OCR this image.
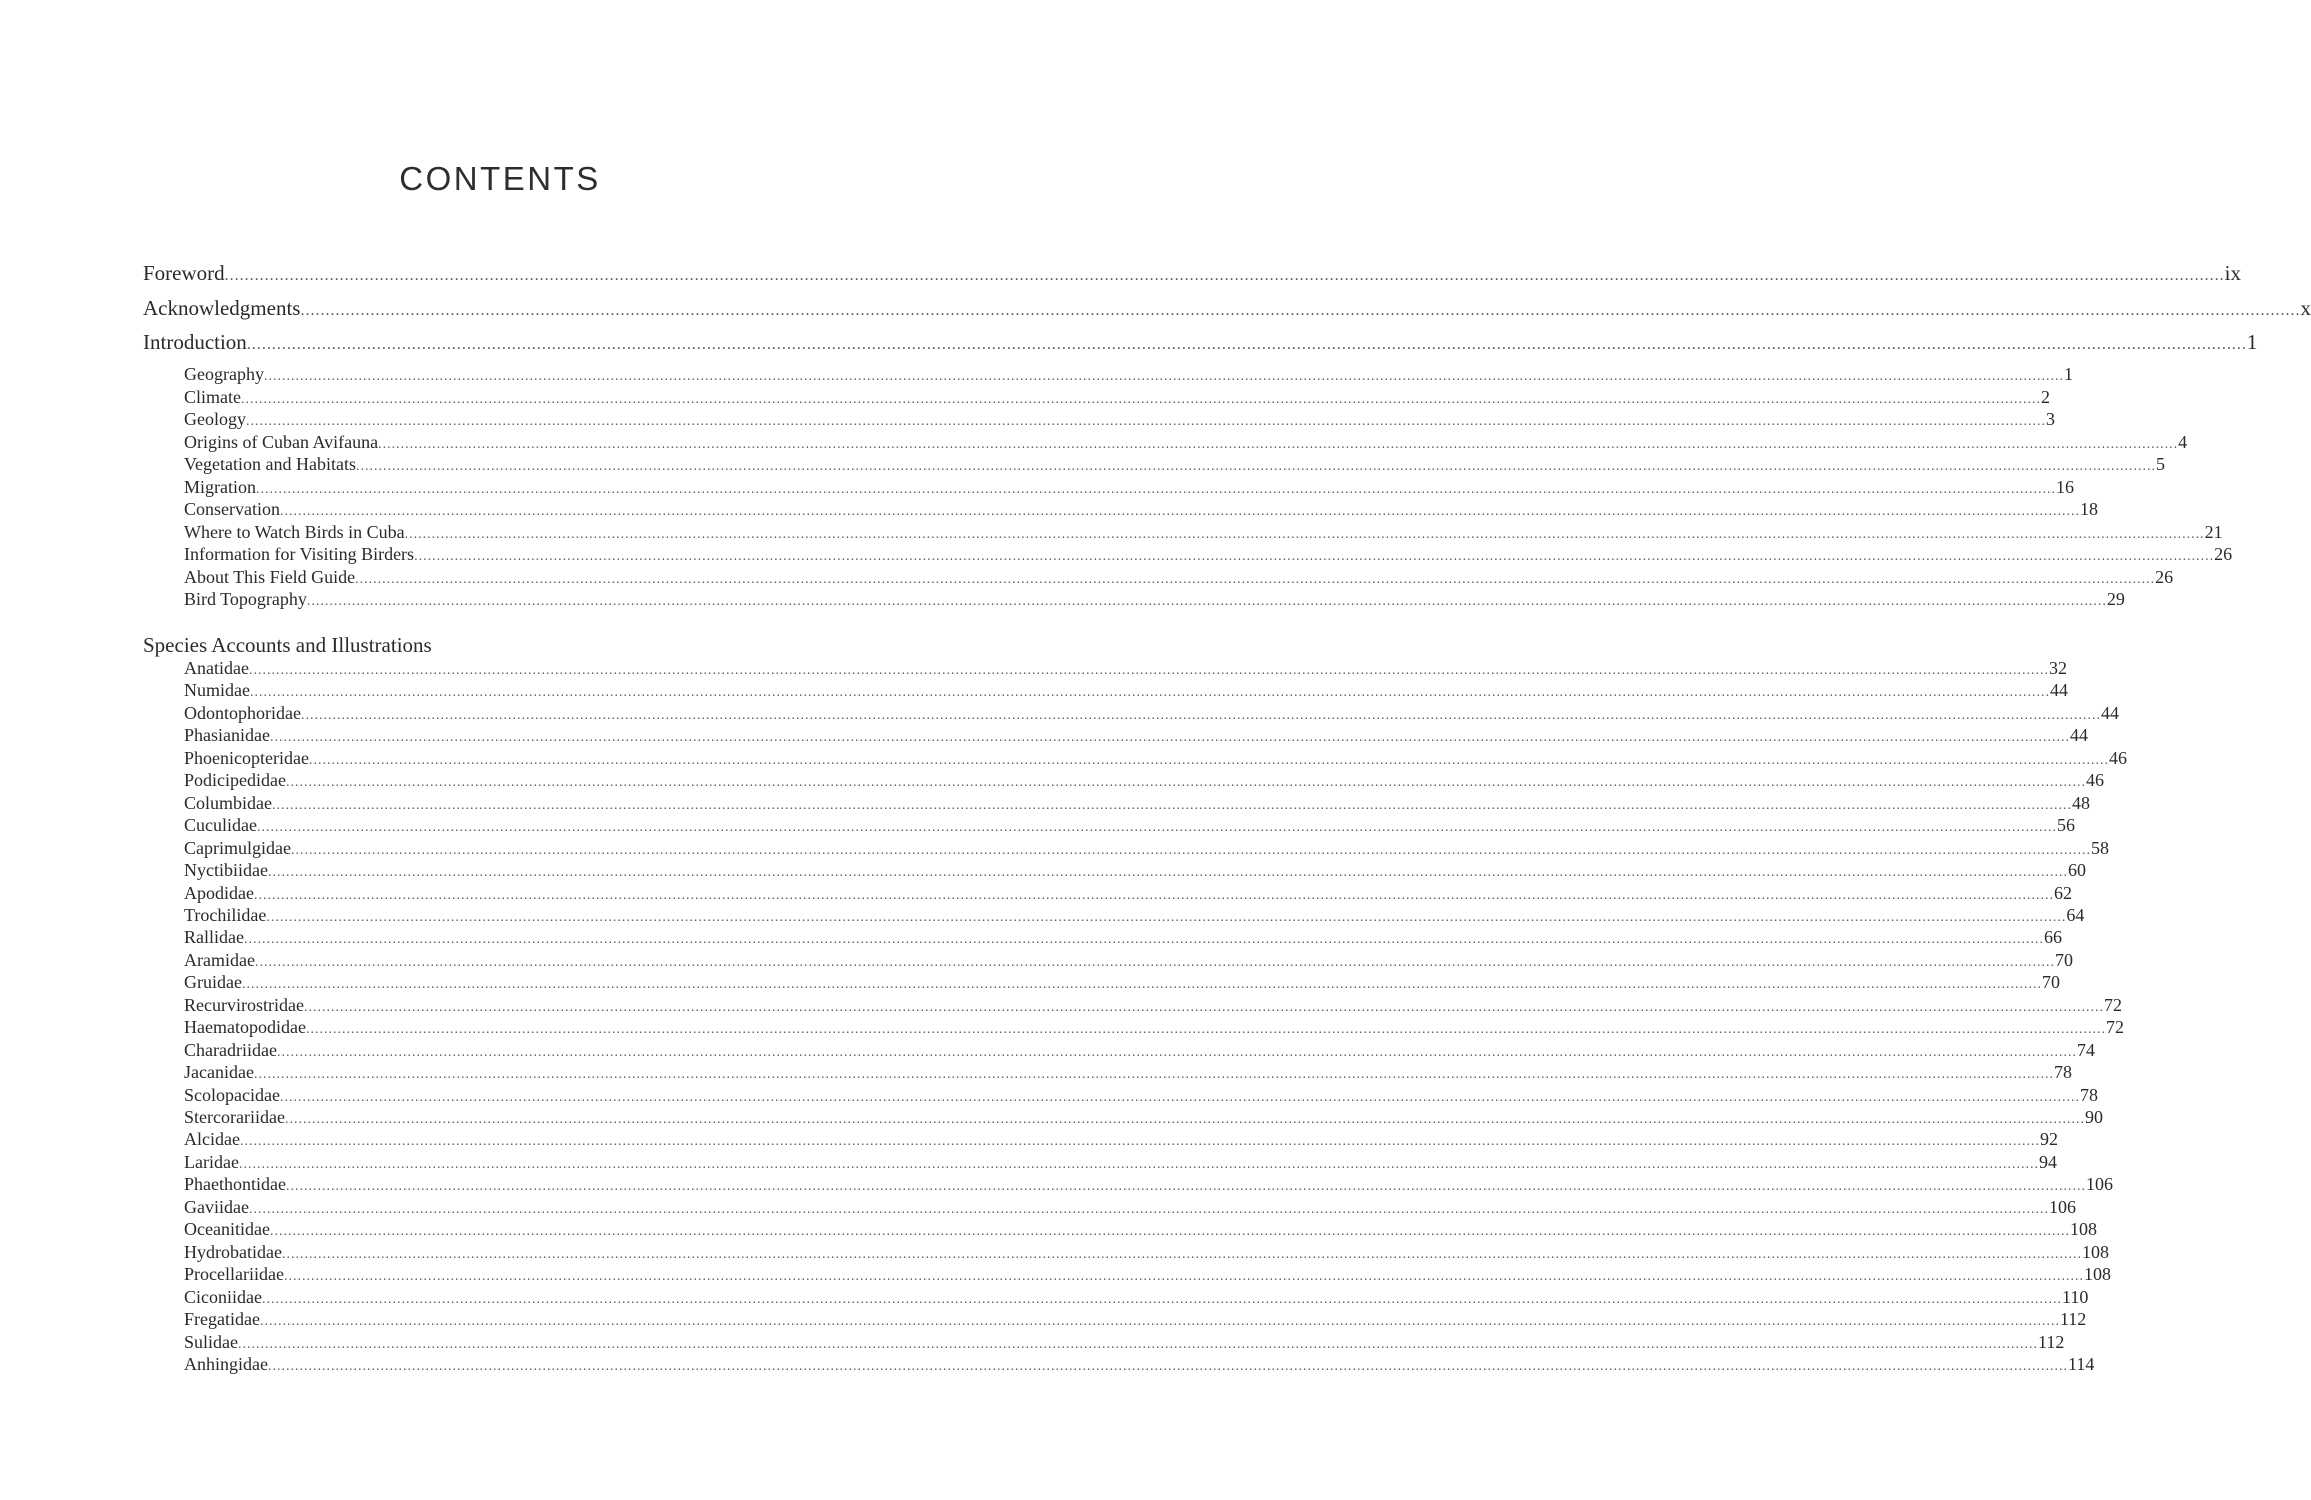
CONTENTS
Foreword ................................................................................................................................................................................................................................................................................................................................................................................................................ ix
Acknowledgments ................................................................................................................................................................................................................................................................................................................................................................................................................ x
Introduction ................................................................................................................................................................................................................................................................................................................................................................................................................ 1
Geography ................................................................................................................................................................................................................................................................................................................................................................................................................ 1
Climate ................................................................................................................................................................................................................................................................................................................................................................................................................ 2
Geology ................................................................................................................................................................................................................................................................................................................................................................................................................ 3
Origins of Cuban Avifauna ................................................................................................................................................................................................................................................................................................................................................................................................................ 4
Vegetation and Habitats ................................................................................................................................................................................................................................................................................................................................................................................................................ 5
Migration ................................................................................................................................................................................................................................................................................................................................................................................................................ 16
Conservation ................................................................................................................................................................................................................................................................................................................................................................................................................ 18
Where to Watch Birds in Cuba ................................................................................................................................................................................................................................................................................................................................................................................................................ 21
Information for Visiting Birders ................................................................................................................................................................................................................................................................................................................................................................................................................ 26
About This Field Guide ................................................................................................................................................................................................................................................................................................................................................................................................................ 26
Bird Topography ................................................................................................................................................................................................................................................................................................................................................................................................................ 29
Species Accounts and Illustrations
Anatidae ................................................................................................................................................................................................................................................................................................................................................................................................................ 32
Numidae ................................................................................................................................................................................................................................................................................................................................................................................................................ 44
Odontophoridae ................................................................................................................................................................................................................................................................................................................................................................................................................ 44
Phasianidae ................................................................................................................................................................................................................................................................................................................................................................................................................ 44
Phoenicopteridae ................................................................................................................................................................................................................................................................................................................................................................................................................ 46
Podicipedidae ................................................................................................................................................................................................................................................................................................................................................................................................................ 46
Columbidae ................................................................................................................................................................................................................................................................................................................................................................................................................ 48
Cuculidae ................................................................................................................................................................................................................................................................................................................................................................................................................ 56
Caprimulgidae ................................................................................................................................................................................................................................................................................................................................................................................................................ 58
Nyctibiidae ................................................................................................................................................................................................................................................................................................................................................................................................................ 60
Apodidae ................................................................................................................................................................................................................................................................................................................................................................................................................ 62
Trochilidae ................................................................................................................................................................................................................................................................................................................................................................................................................ 64
Rallidae ................................................................................................................................................................................................................................................................................................................................................................................................................ 66
Aramidae ................................................................................................................................................................................................................................................................................................................................................................................................................ 70
Gruidae ................................................................................................................................................................................................................................................................................................................................................................................................................ 70
Recurvirostridae ................................................................................................................................................................................................................................................................................................................................................................................................................ 72
Haematopodidae ................................................................................................................................................................................................................................................................................................................................................................................................................ 72
Charadriidae ................................................................................................................................................................................................................................................................................................................................................................................................................ 74
Jacanidae ................................................................................................................................................................................................................................................................................................................................................................................................................ 78
Scolopacidae ................................................................................................................................................................................................................................................................................................................................................................................................................ 78
Stercorariidae ................................................................................................................................................................................................................................................................................................................................................................................................................ 90
Alcidae ................................................................................................................................................................................................................................................................................................................................................................................................................ 92
Laridae ................................................................................................................................................................................................................................................................................................................................................................................................................ 94
Phaethontidae ................................................................................................................................................................................................................................................................................................................................................................................................................ 106
Gaviidae ................................................................................................................................................................................................................................................................................................................................................................................................................ 106
Oceanitidae ................................................................................................................................................................................................................................................................................................................................................................................................................ 108
Hydrobatidae ................................................................................................................................................................................................................................................................................................................................................................................................................ 108
Procellariidae ................................................................................................................................................................................................................................................................................................................................................................................................................ 108
Ciconiidae ................................................................................................................................................................................................................................................................................................................................................................................................................ 110
Fregatidae ................................................................................................................................................................................................................................................................................................................................................................................................................ 112
Sulidae ................................................................................................................................................................................................................................................................................................................................................................................................................ 112
Anhingidae ................................................................................................................................................................................................................................................................................................................................................................................................................ 114
